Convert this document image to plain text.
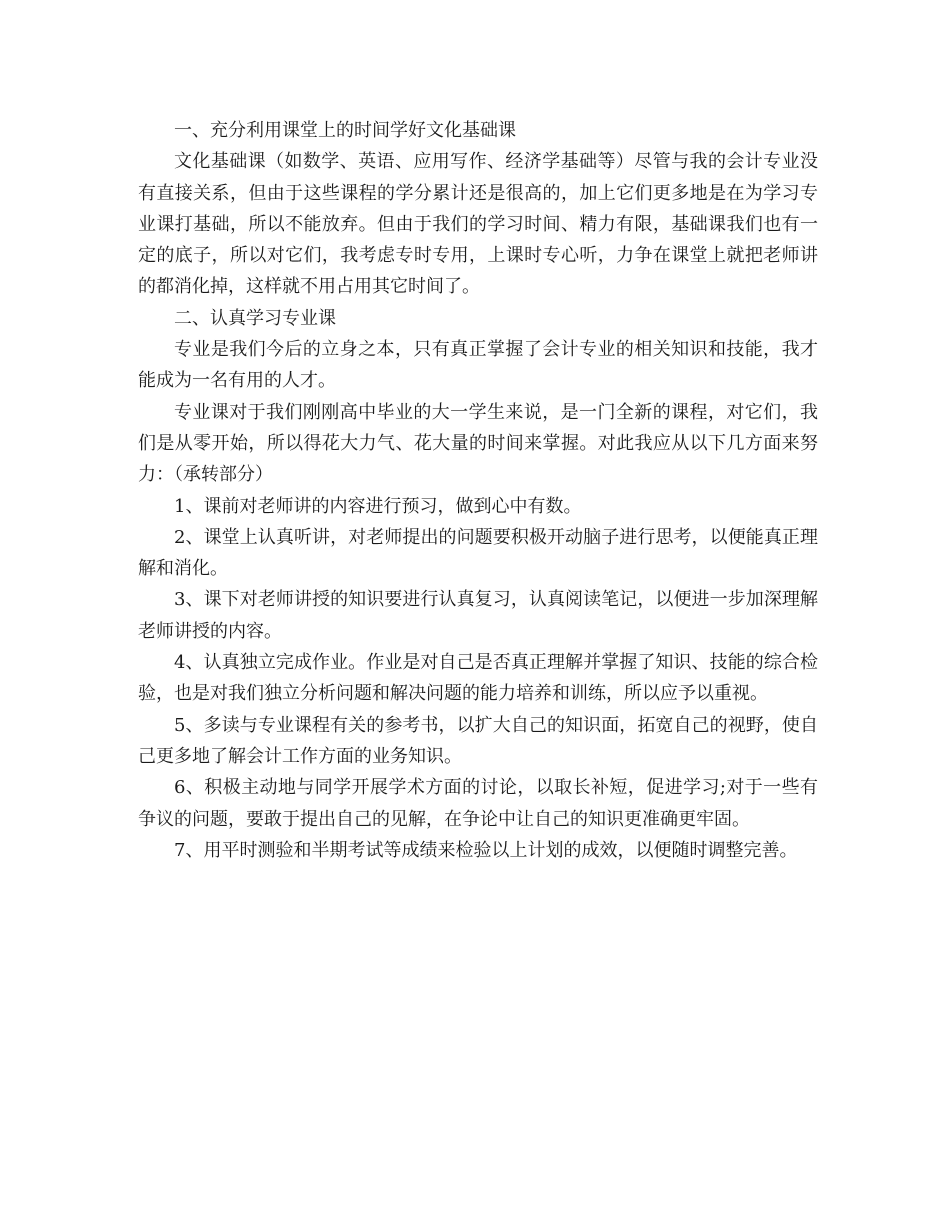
一、充分利用课堂上的时间学好文化基础课

文化基础课（如数学、英语、应用写作、经济学基础等）尽管与我的会计专业没有直接关系，但由于这些课程的学分累计还是很高的，加上它们更多地是在为学习专业课打基础，所以不能放弃。但由于我们的学习时间、精力有限，基础课我们也有一定的底子，所以对它们，我考虑专时专用，上课时专心听，力争在课堂上就把老师讲的都消化掉，这样就不用占用其它时间了。

二、认真学习专业课

专业是我们今后的立身之本，只有真正掌握了会计专业的相关知识和技能，我才能成为一名有用的人才。

专业课对于我们刚刚高中毕业的大一学生来说，是一门全新的课程，对它们，我们是从零开始，所以得花大力气、花大量的时间来掌握。对此我应从以下几方面来努力：（承转部分）

1、课前对老师讲的内容进行预习，做到心中有数。

2、课堂上认真听讲，对老师提出的问题要积极开动脑子进行思考，以便能真正理解和消化。

3、课下对老师讲授的知识要进行认真复习，认真阅读笔记，以便进一步加深理解老师讲授的内容。

4、认真独立完成作业。作业是对自己是否真正理解并掌握了知识、技能的综合检验，也是对我们独立分析问题和解决问题的能力培养和训练，所以应予以重视。

5、多读与专业课程有关的参考书，以扩大自己的知识面，拓宽自己的视野，使自己更多地了解会计工作方面的业务知识。

6、积极主动地与同学开展学术方面的讨论，以取长补短，促进学习;对于一些有争议的问题，要敢于提出自己的见解，在争论中让自己的知识更准确更牢固。

7、用平时测验和半期考试等成绩来检验以上计划的成效，以便随时调整完善。
